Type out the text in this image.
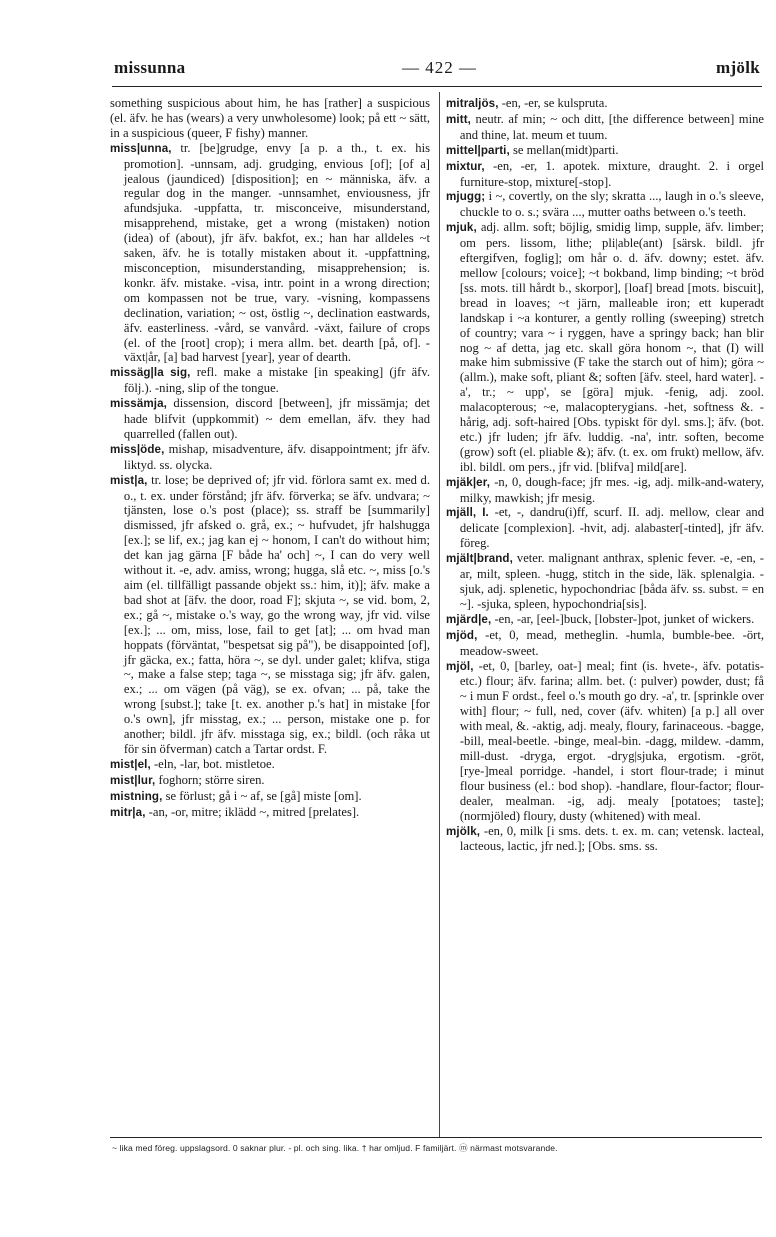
missunna	— 422 —	mjölk

something suspicious about him, he has [rather] a suspicious (el. äfv. he has (wears) a very unwholesome) look; på ett ~ sätt, in a suspicious (queer, F fishy) manner.

miss|unna, tr. [be]grudge, envy [a p. a th., t. ex. his promotion]. -unnsam, adj. grudging, envious [of]; [of a] jealous (jaundiced) [disposition]; en ~ människa, äfv. a regular dog in the manger. -unnsamhet, enviousness, jfr afundsjuka. -uppfatta, tr. misconceive, misunderstand, misapprehend, mistake, get a wrong (mistaken) notion (idea) of (about), jfr äfv. bakfot, ex.; han har alldeles ~t saken, äfv. he is totally mistaken about it. -uppfattning, misconception, misunderstanding, misapprehension; is. konkr. äfv. mistake. -visa, intr. point in a wrong direction; om kompassen not be true, vary. -visning, kompassens declination, variation; ~ ost, östlig ~, declination eastwards, äfv. easterliness. -vård, se vanvård. -växt, failure of crops (el. of the [root] crop); i mera allm. bet. dearth [på, of]. -växt|år, [a] bad harvest [year], year of dearth.

missäg|la sig, refl. make a mistake [in speaking] (jfr äfv. följ.). -ning, slip of the tongue.

missämja, dissension, discord [between], jfr missämja; det hade blifvit (uppkommit) ~ dem emellan, äfv. they had quarrelled (fallen out).

miss|öde, mishap, misadventure, äfv. disappointment; jfr äfv. liktyd. ss. olycka.

mist|a, tr. lose; be deprived of; jfr vid. förlora samt ex. med d. o., t. ex. under förstånd; jfr äfv. förverka; se äfv. undvara; ~ tjänsten, lose o.'s post (place); ss. straff be [summarily] dismissed, jfr afsked o. grå, ex.; ~ hufvudet, jfr halshugga [ex.]; se lif, ex.; jag kan ej ~ honom, I can't do without him; det kan jag gärna [F både ha' och] ~, I can do very well without it. -e, adv. amiss, wrong; hugga, slå etc. ~, miss [o.'s aim (el. tillfälligt passande objekt ss.: him, it)]; äfv. make a bad shot at [äfv. the door, road F]; skjuta ~, se vid. bom, 2, ex.; gå ~, mistake o.'s way, go the wrong way, jfr vid. vilse [ex.]; ... om, miss, lose, fail to get [at]; ... om hvad man hoppats (förväntat, "bespetsat sig på"), be disappointed [of], jfr gäcka, ex.; fatta, höra ~, se dyl. under galet; klifva, stiga ~, make a false step; taga ~, se misstaga sig; jfr äfv. galen, ex.; ... om vägen (på väg), se ex. ofvan; ... på, take the wrong [subst.]; take [t. ex. another p.'s hat] in mistake [for o.'s own], jfr misstag, ex.; ... person, mistake one p. for another; bildl. jfr äfv. misstaga sig, ex.; bildl. (och råka ut för sin öfverman) catch a Tartar ordst. F.

mist|el, -eln, -lar, bot. mistletoe.

mist|lur, foghorn; större siren.

mistning, se förlust; gå i ~ af, se [gå] miste [om].

mitr|a, -an, -or, mitre; iklädd ~, mitred [prelates].

mitraljös, -en, -er, se kulspruta.

mitt, neutr. af min; ~ och ditt, [the difference between] mine and thine, lat. meum et tuum.

mittel|parti, se mellan(midt)parti.

mixtur, -en, -er, 1. apotek. mixture, draught. 2. i orgel furniture-stop, mixture[-stop].

mjugg; i ~, covertly, on the sly; skratta ..., laugh in o.'s sleeve, chuckle to o. s.; svära ..., mutter oaths between o.'s teeth.

mjuk, adj. allm. soft; böjlig, smidig limp, supple, äfv. limber; om pers. lissom, lithe; pli|able(ant) [särsk. bildl. jfr eftergifven, foglig]; om hår o. d. äfv. downy; estet. äfv. mellow [colours; voice]; ~t bokband, limp binding; ~t bröd [ss. mots. till hårdt b., skorpor], [loaf] bread [mots. biscuit], bread in loaves; ~t järn, malleable iron; ett kuperadt landskap i ~a konturer, a gently rolling (sweeping) stretch of country; vara ~ i ryggen, have a springy back; han blir nog ~ af detta, jag etc. skall göra honom ~, that (I) will make him submissive (F take the starch out of him); göra ~ (allm.), make soft, pliant &; soften [äfv. steel, hard water]. -a', tr.; ~ upp', se [göra] mjuk. -fenig, adj. zool. malacopterous; ~e, malacopterygians. -het, softness &. -hårig, adj. soft-haired [Obs. typiskt för dyl. sms.]; äfv. (bot. etc.) jfr luden; jfr äfv. luddig. -na', intr. soften, become (grow) soft (el. pliable &); äfv. (t. ex. om frukt) mellow, äfv. ibl. bildl. om pers., jfr vid. [blifva] mild[are].

mjäk|er, -n, 0, dough-face; jfr mes. -ig, adj. milk-and-watery, milky, mawkish; jfr mesig.

mjäll, I. -et, -, dandru(i)ff, scurf. II. adj. mellow, clear and delicate [complexion]. -hvit, adj. alabaster[-tinted], jfr äfv. föreg.

mjält|brand, veter. malignant anthrax, splenic fever. -e, -en, -ar, milt, spleen. -hugg, stitch in the side, läk. splenalgia. -sjuk, adj. splenetic, hypochondriac [båda äfv. ss. subst. = en ~]. -sjuka, spleen, hypochondria[sis].

mjärd|e, -en, -ar, [eel-]buck, [lobster-]pot, junket of wickers.

mjöd, -et, 0, mead, metheglin. -humla, bumble-bee. -ört, meadow-sweet.

mjöl, -et, 0, [barley, oat-] meal; fint (is. hvete-, äfv. potatis- etc.) flour; äfv. farina; allm. bet. (: pulver) powder, dust; få ~ i mun F ordst., feel o.'s mouth go dry. -a', tr. [sprinkle over with] flour; ~ full, ned, cover (äfv. whiten) [a p.] all over with meal, &. -aktig, adj. mealy, floury, farinaceous. -bagge, -bill, meal-beetle. -binge, meal-bin. -dagg, mildew. -damm, mill-dust. -dryga, ergot. -dryg|sjuka, ergotism. -gröt, [rye-]meal porridge. -handel, i stort flour-trade; i minut flour business (el.: bod shop). -handlare, flour-factor; flour-dealer, mealman. -ig, adj. mealy [potatoes; taste]; (normjöled) floury, dusty (whitened) with meal.

mjölk, -en, 0, milk [i sms. dets. t. ex. m. can; vetensk. lacteal, lacteous, lactic, jfr ned.]; [Obs. sms. ss.

~ lika med föreg. uppslagsord. 0 saknar plur. - pl. och sing. lika. † har omljud. F familjärt. ⓜ närmast motsvarande.
